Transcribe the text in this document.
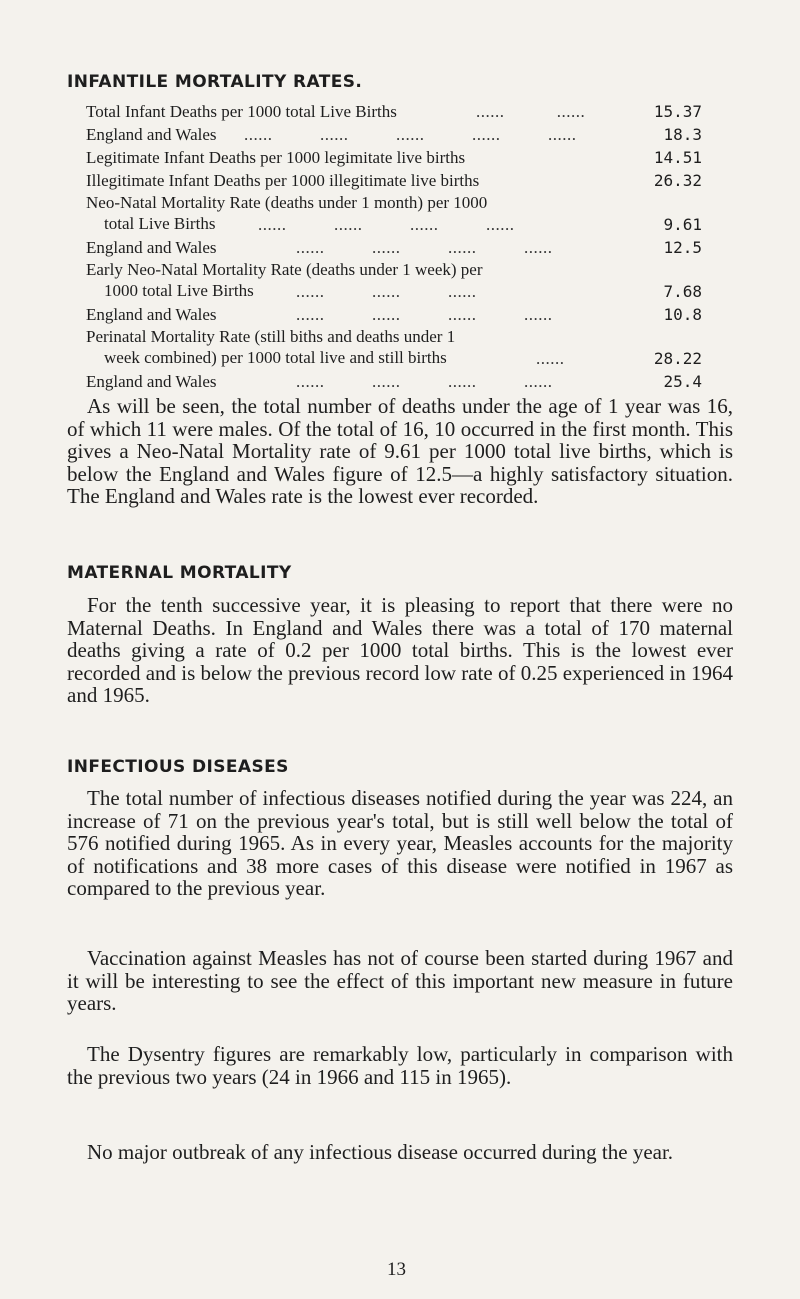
INFANTILE MORTALITY RATES.
Total Infant Deaths per 1000 total Live Births	......           ......	15.37
England and Wales ......          ......          ......          ......          ......	18.3
Legitimate Infant Deaths per 1000 legimitate live births	14.51
Illegitimate Infant Deaths per 1000 illegitimate live births	26.32
Neo-Natal Mortality Rate (deaths under 1 month) per 1000
total Live Births	......          ......          ......          ......	9.61
England and Wales	......          ......          ......          ......	12.5
Early Neo-Natal Mortality Rate (deaths under 1 week) per
1000 total Live Births	......          ......          ......	7.68
England and Wales	......          ......          ......          ......	10.8
Perinatal Mortality Rate (still biths and deaths under 1
week combined) per 1000 total live and still births	......	28.22
England and Wales	......          ......          ......          ......	25.4

As will be seen, the total number of deaths under the age of 1 year was 16, of which 11 were males. Of the total of 16, 10 occurred in the first month. This gives a Neo-Natal Mortality rate of 9.61 per 1000 total live births, which is below the England and Wales figure of 12.5—a highly satisfactory situation. The England and Wales rate is the lowest ever recorded.

MATERNAL MORTALITY

For the tenth successive year, it is pleasing to report that there were no Maternal Deaths. In England and Wales there was a total of 170 maternal deaths giving a rate of 0.2 per 1000 total births. This is the lowest ever recorded and is below the previous record low rate of 0.25 experienced in 1964 and 1965.

INFECTIOUS DISEASES

The total number of infectious diseases notified during the year was 224, an increase of 71 on the previous year's total, but is still well below the total of 576 notified during 1965. As in every year, Measles accounts for the majority of notifications and 38 more cases of this disease were notified in 1967 as compared to the previous year.

Vaccination against Measles has not of course been started during 1967 and it will be interesting to see the effect of this important new measure in future years.

The Dysentry figures are remarkably low, particularly in comparison with the previous two years (24 in 1966 and 115 in 1965).

No major outbreak of any infectious disease occurred during the year.

13
